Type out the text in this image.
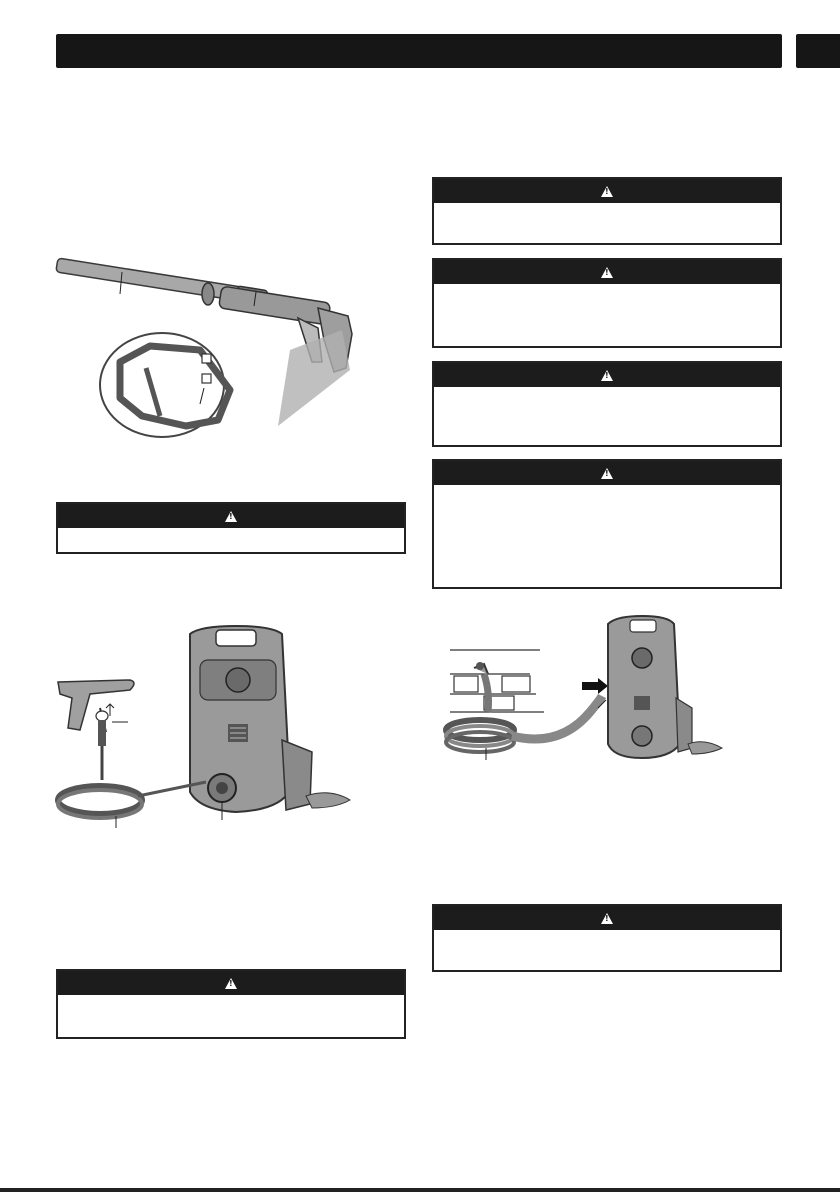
!
!
!
!
!
!
!
